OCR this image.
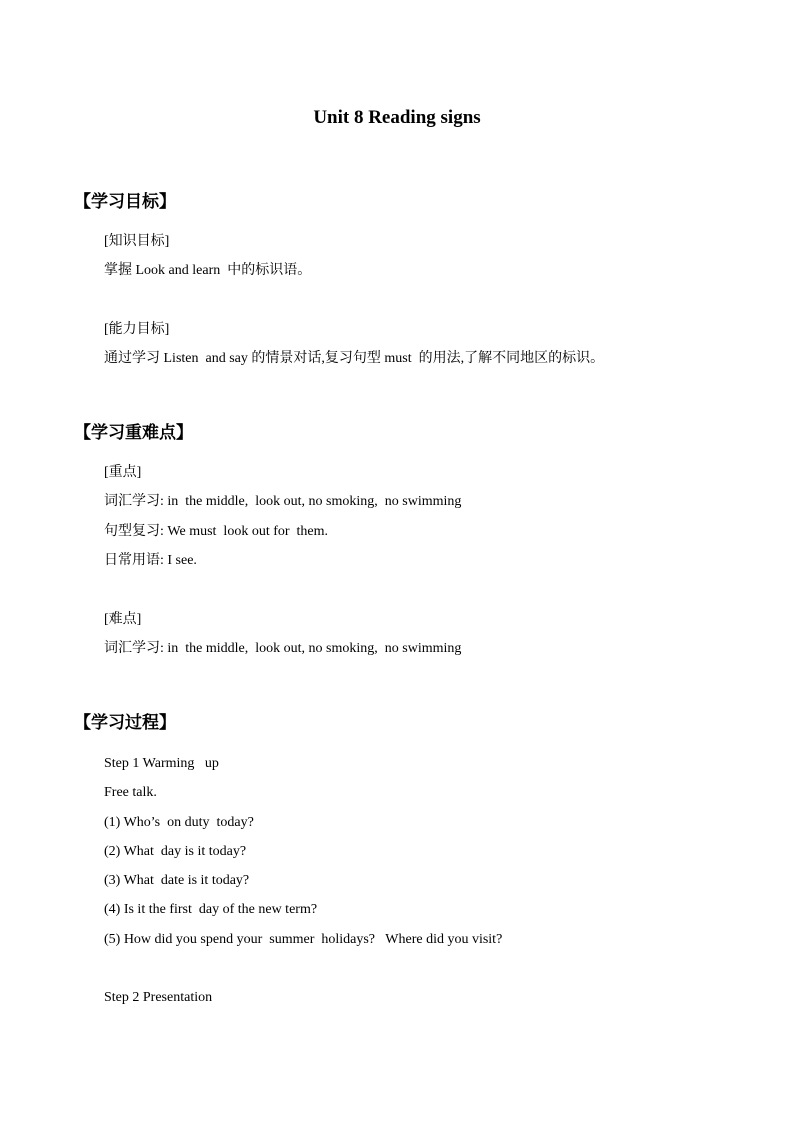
Unit 8 Reading signs
【学习目标】
[知识目标]
掌握 Look and learn  中的标识语。
[能力目标]
通过学习 Listen  and say 的情景对话,复习句型 must  的用法,了解不同地区的标识。
【学习重难点】
[重点]
词汇学习: in  the middle,  look out, no smoking,  no swimming
句型复习: We must  look out for  them.
日常用语: I see.
[难点]
词汇学习: in  the middle,  look out, no smoking,  no swimming
【学习过程】
Step 1 Warming   up
Free talk.
(1) Who’s  on duty  today?
(2) What  day is it today?
(3) What  date is it today?
(4) Is it the first  day of the new term?
(5) How did you spend your  summer  holidays?   Where did you visit?
Step 2 Presentation
